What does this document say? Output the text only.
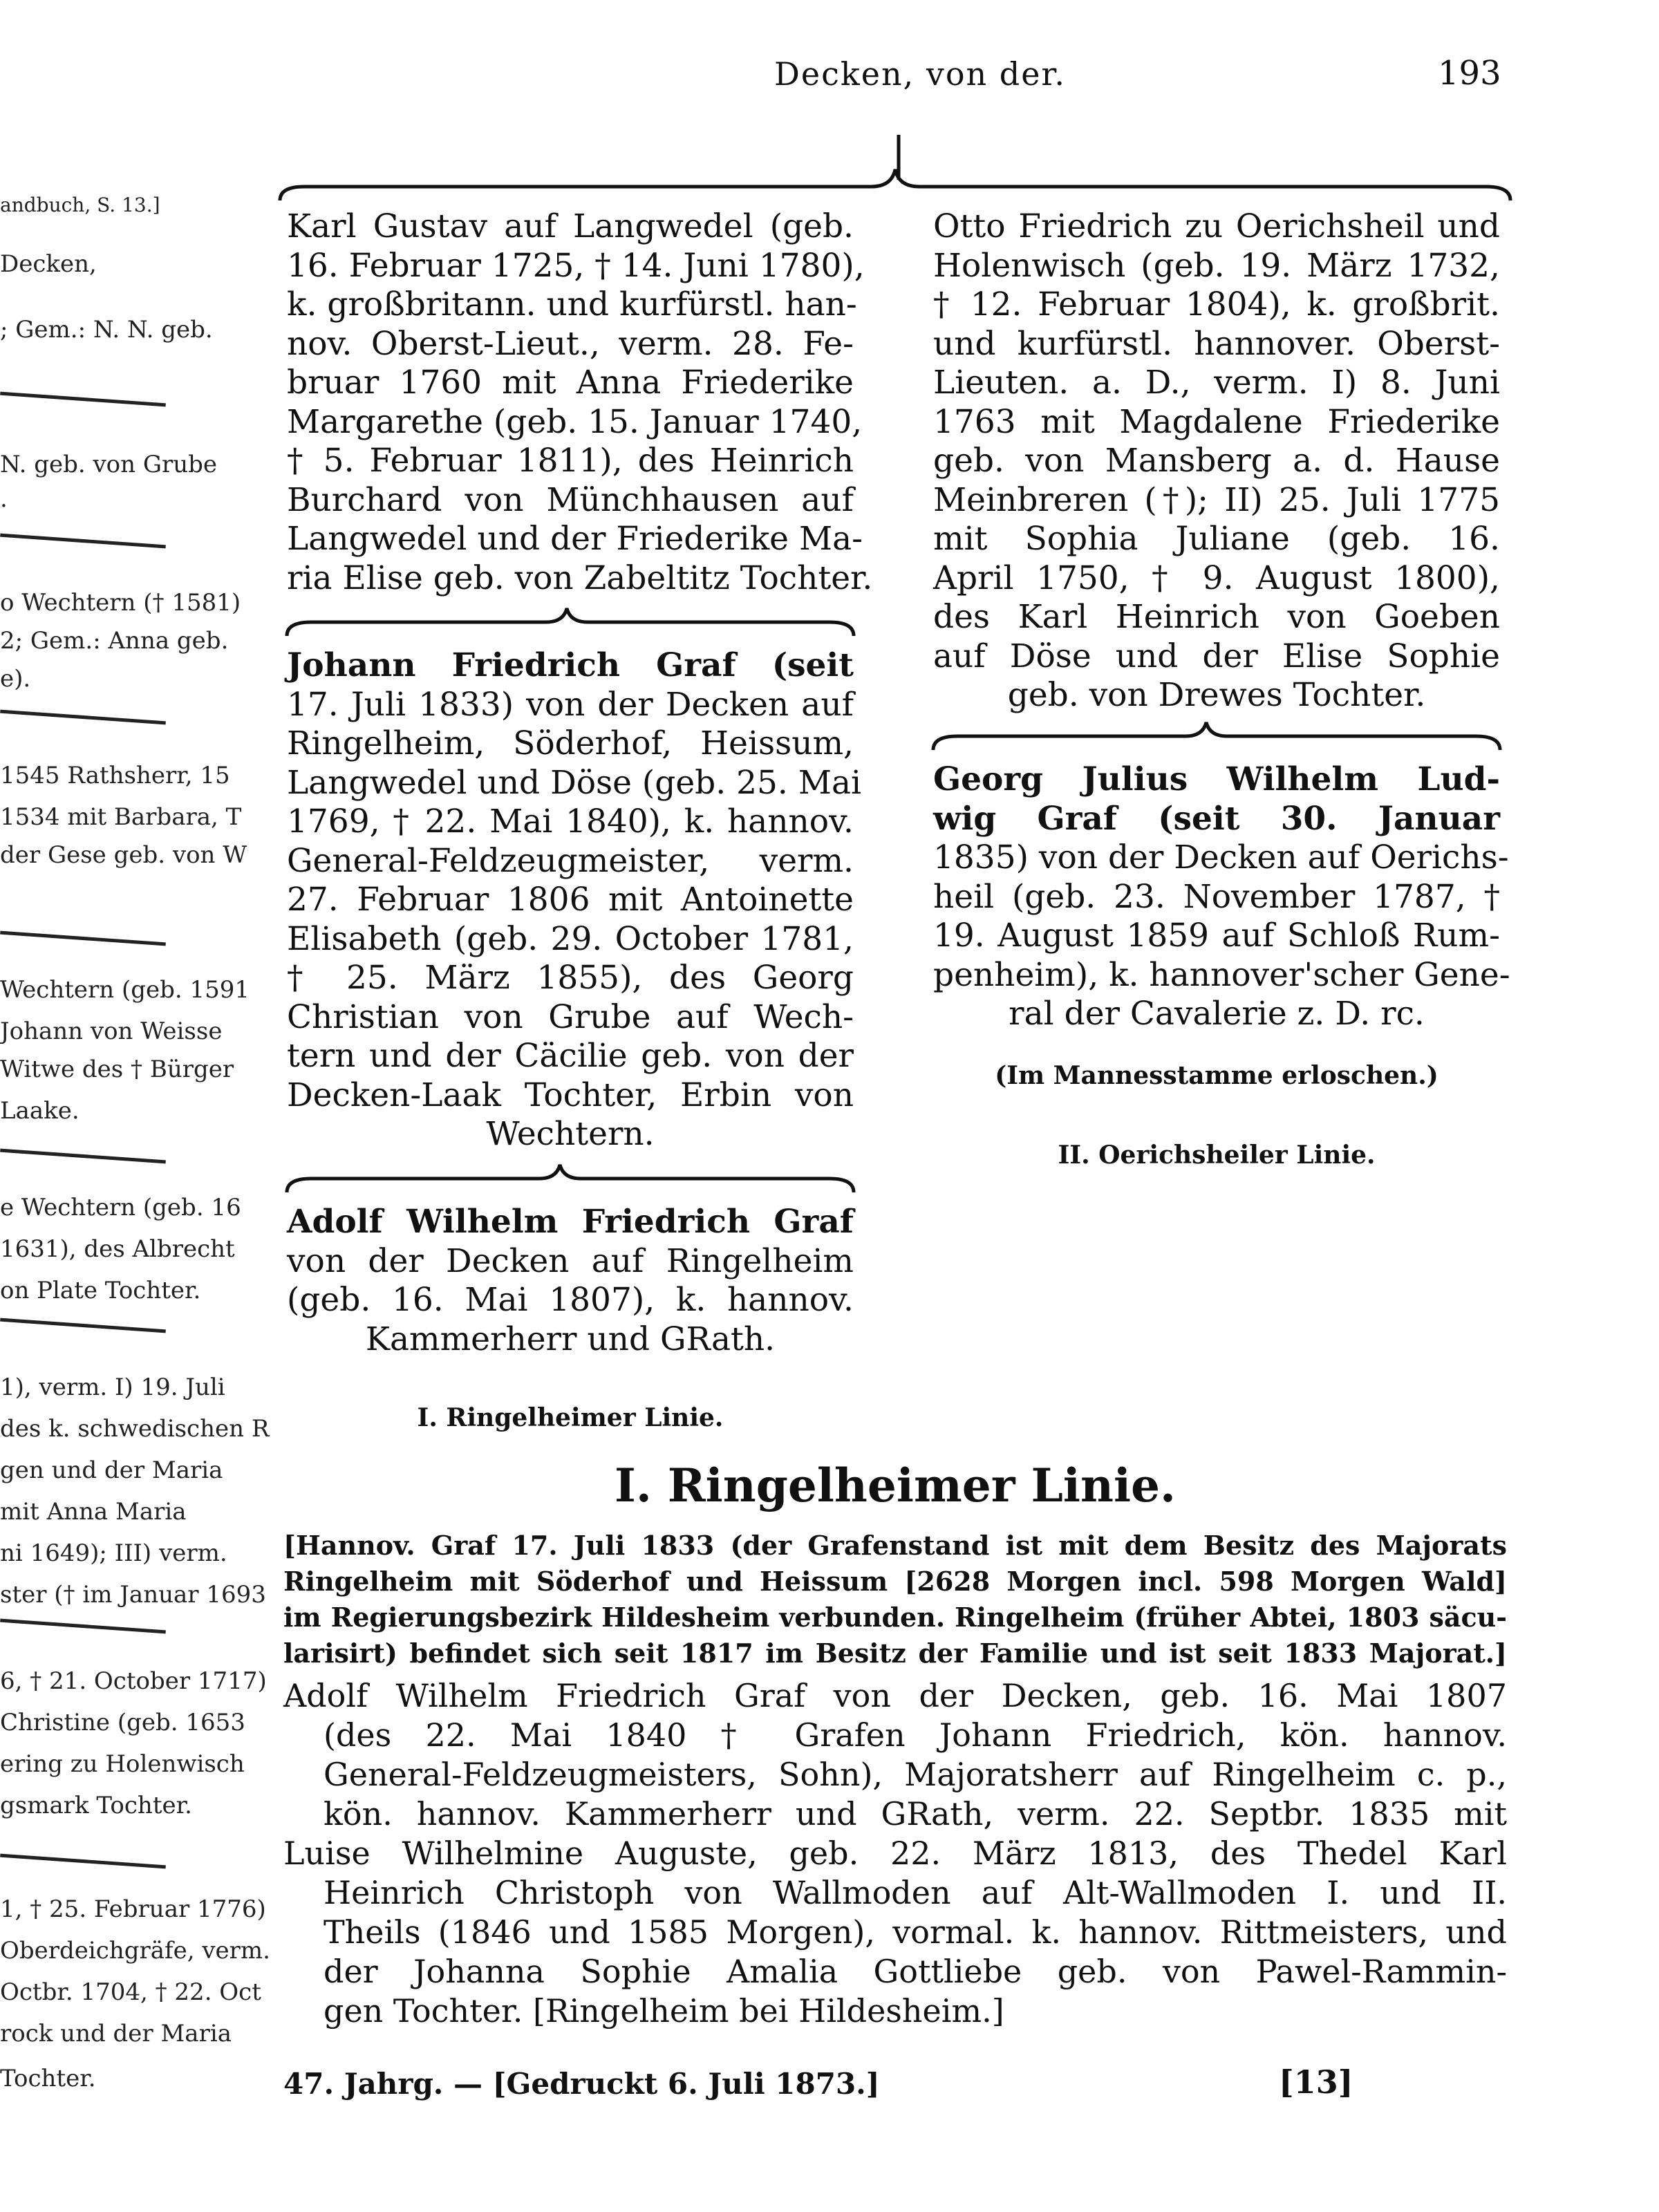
Decken, von der.	193
andbuch, S. 13.]
Decken,
; Gem.: N. N. geb.
N. geb. von Grube
.
o Wechtern († 1581)
2; Gem.: Anna geb.
e).
1545 Rathsherr, 15
1534 mit Barbara, T
der Gese geb. von W
Wechtern (geb. 1591
Johann von Weisse
Witwe des † Bürger
Laake.
e Wechtern (geb. 16
1631), des Albrecht
on Plate Tochter.
1), verm. I) 19. Juli
des k. schwedischen R
gen und der Maria
mit Anna Maria
ni 1649); III) verm.
ster († im Januar 1693
6, † 21. October 1717)
Christine (geb. 1653
ering zu Holenwisch
gsmark Tochter.
1, † 25. Februar 1776)
Oberdeichgräfe, verm.
Octbr. 1704, † 22. Oct
rock und der Maria
Tochter.
Karl Gustav auf Langwedel (geb.
16. Februar 1725, † 14. Juni 1780),
k. großbritann. und kurfürstl. han-
nov. Oberst-Lieut., verm. 28. Fe-
bruar 1760 mit Anna Friederike
Margarethe (geb. 15. Januar 1740,
† 5. Februar 1811), des Heinrich
Burchard von Münchhausen auf
Langwedel und der Friederike Ma-
ria Elise geb. von Zabeltitz Tochter.
Otto Friedrich zu Oerichsheil und
Holenwisch (geb. 19. März 1732,
† 12. Februar 1804), k. großbrit.
und kurfürstl. hannover. Oberst-
Lieuten. a. D., verm. I) 8. Juni
1763 mit Magdalene Friederike
geb. von Mansberg a. d. Hause
Meinbreren (†); II) 25. Juli 1775
mit Sophia Juliane (geb. 16.
April 1750, † 9. August 1800),
des Karl Heinrich von Goeben
auf Döse und der Elise Sophie
geb. von Drewes Tochter.
Johann Friedrich Graf (seit
17. Juli 1833) von der Decken auf
Ringelheim, Söderhof, Heissum,
Langwedel und Döse (geb. 25. Mai
1769, † 22. Mai 1840), k. hannov.
General-Feldzeugmeister, verm.
27. Februar 1806 mit Antoinette
Elisabeth (geb. 29. October 1781,
† 25. März 1855), des Georg
Christian von Grube auf Wech-
tern und der Cäcilie geb. von der
Decken-Laak Tochter, Erbin von
Wechtern.
Georg Julius Wilhelm Lud-
wig Graf (seit 30. Januar
1835) von der Decken auf Oerichs-
heil (geb. 23. November 1787, †
19. August 1859 auf Schloß Rum-
penheim), k. hannover'scher Gene-
ral der Cavalerie z. D. rc.
(Im Mannesstamme erloschen.)
II. Oerichsheiler Linie.
Adolf Wilhelm Friedrich Graf
von der Decken auf Ringelheim
(geb. 16. Mai 1807), k. hannov.
Kammerherr und GRath.
I. Ringelheimer Linie.
I. Ringelheimer Linie.
[Hannov. Graf 17. Juli 1833 (der Grafenstand ist mit dem Besitz des Majorats
Ringelheim mit Söderhof und Heissum [2628 Morgen incl. 598 Morgen Wald]
im Regierungsbezirk Hildesheim verbunden. Ringelheim (früher Abtei, 1803 säcu-
larisirt) befindet sich seit 1817 im Besitz der Familie und ist seit 1833 Majorat.]
Adolf Wilhelm Friedrich Graf von der Decken, geb. 16. Mai 1807
(des 22. Mai 1840 † Grafen Johann Friedrich, kön. hannov.
General-Feldzeugmeisters, Sohn), Majoratsherr auf Ringelheim c. p.,
kön. hannov. Kammerherr und GRath, verm. 22. Septbr. 1835 mit
Luise Wilhelmine Auguste, geb. 22. März 1813, des Thedel Karl
Heinrich Christoph von Wallmoden auf Alt-Wallmoden I. und II.
Theils (1846 und 1585 Morgen), vormal. k. hannov. Rittmeisters, und
der Johanna Sophie Amalia Gottliebe geb. von Pawel-Rammin-
gen Tochter. [Ringelheim bei Hildesheim.]
47. Jahrg. — [Gedruckt 6. Juli 1873.]	[13]
